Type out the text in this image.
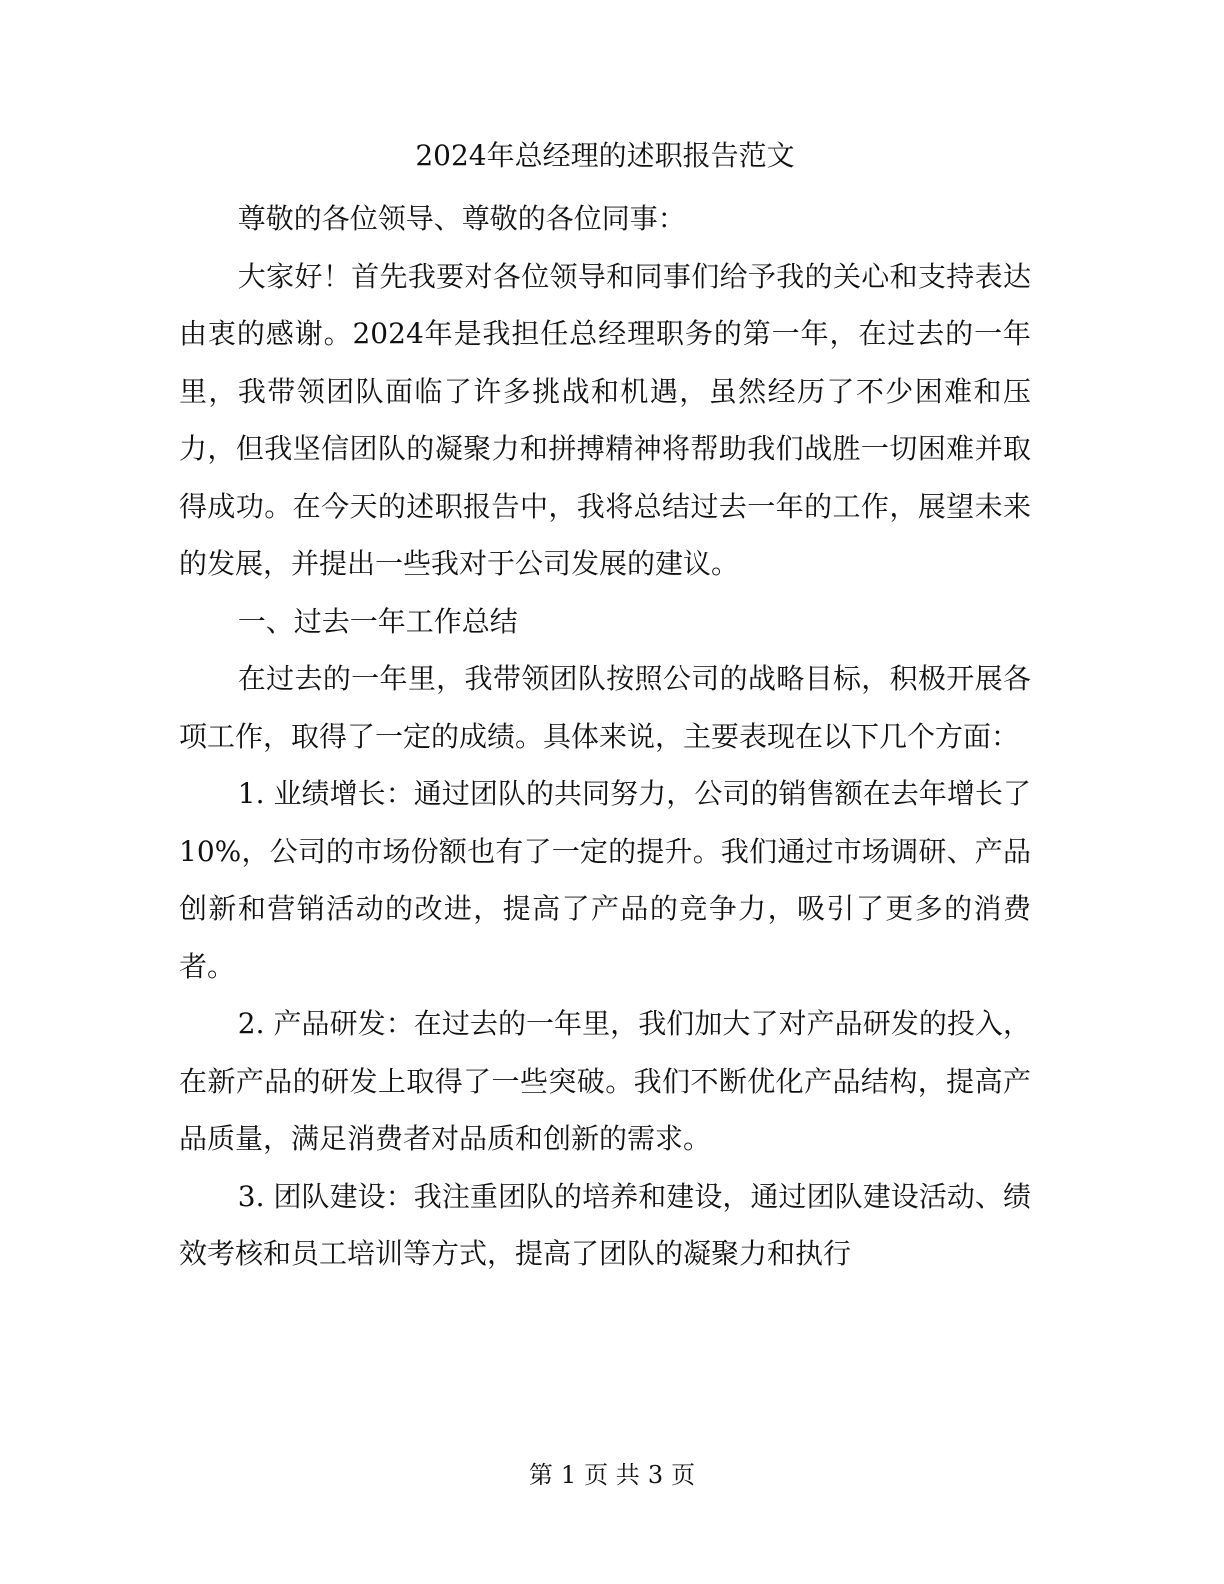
2024年总经理的述职报告范文

尊敬的各位领导、尊敬的各位同事：

大家好！首先我要对各位领导和同事们给予我的关心和支持表达由衷的感谢。2024年是我担任总经理职务的第一年，在过去的一年里，我带领团队面临了许多挑战和机遇，虽然经历了不少困难和压力，但我坚信团队的凝聚力和拼搏精神将帮助我们战胜一切困难并取得成功。在今天的述职报告中，我将总结过去一年的工作，展望未来的发展，并提出一些我对于公司发展的建议。

一、过去一年工作总结

在过去的一年里，我带领团队按照公司的战略目标，积极开展各项工作，取得了一定的成绩。具体来说，主要表现在以下几个方面：

1. 业绩增长：通过团队的共同努力，公司的销售额在去年增长了10%，公司的市场份额也有了一定的提升。我们通过市场调研、产品创新和营销活动的改进，提高了产品的竞争力，吸引了更多的消费者。

2. 产品研发：在过去的一年里，我们加大了对产品研发的投入，在新产品的研发上取得了一些突破。我们不断优化产品结构，提高产品质量，满足消费者对品质和创新的需求。

3. 团队建设：我注重团队的培养和建设，通过团队建设活动、绩效考核和员工培训等方式，提高了团队的凝聚力和执行

第 1 页 共 3 页
